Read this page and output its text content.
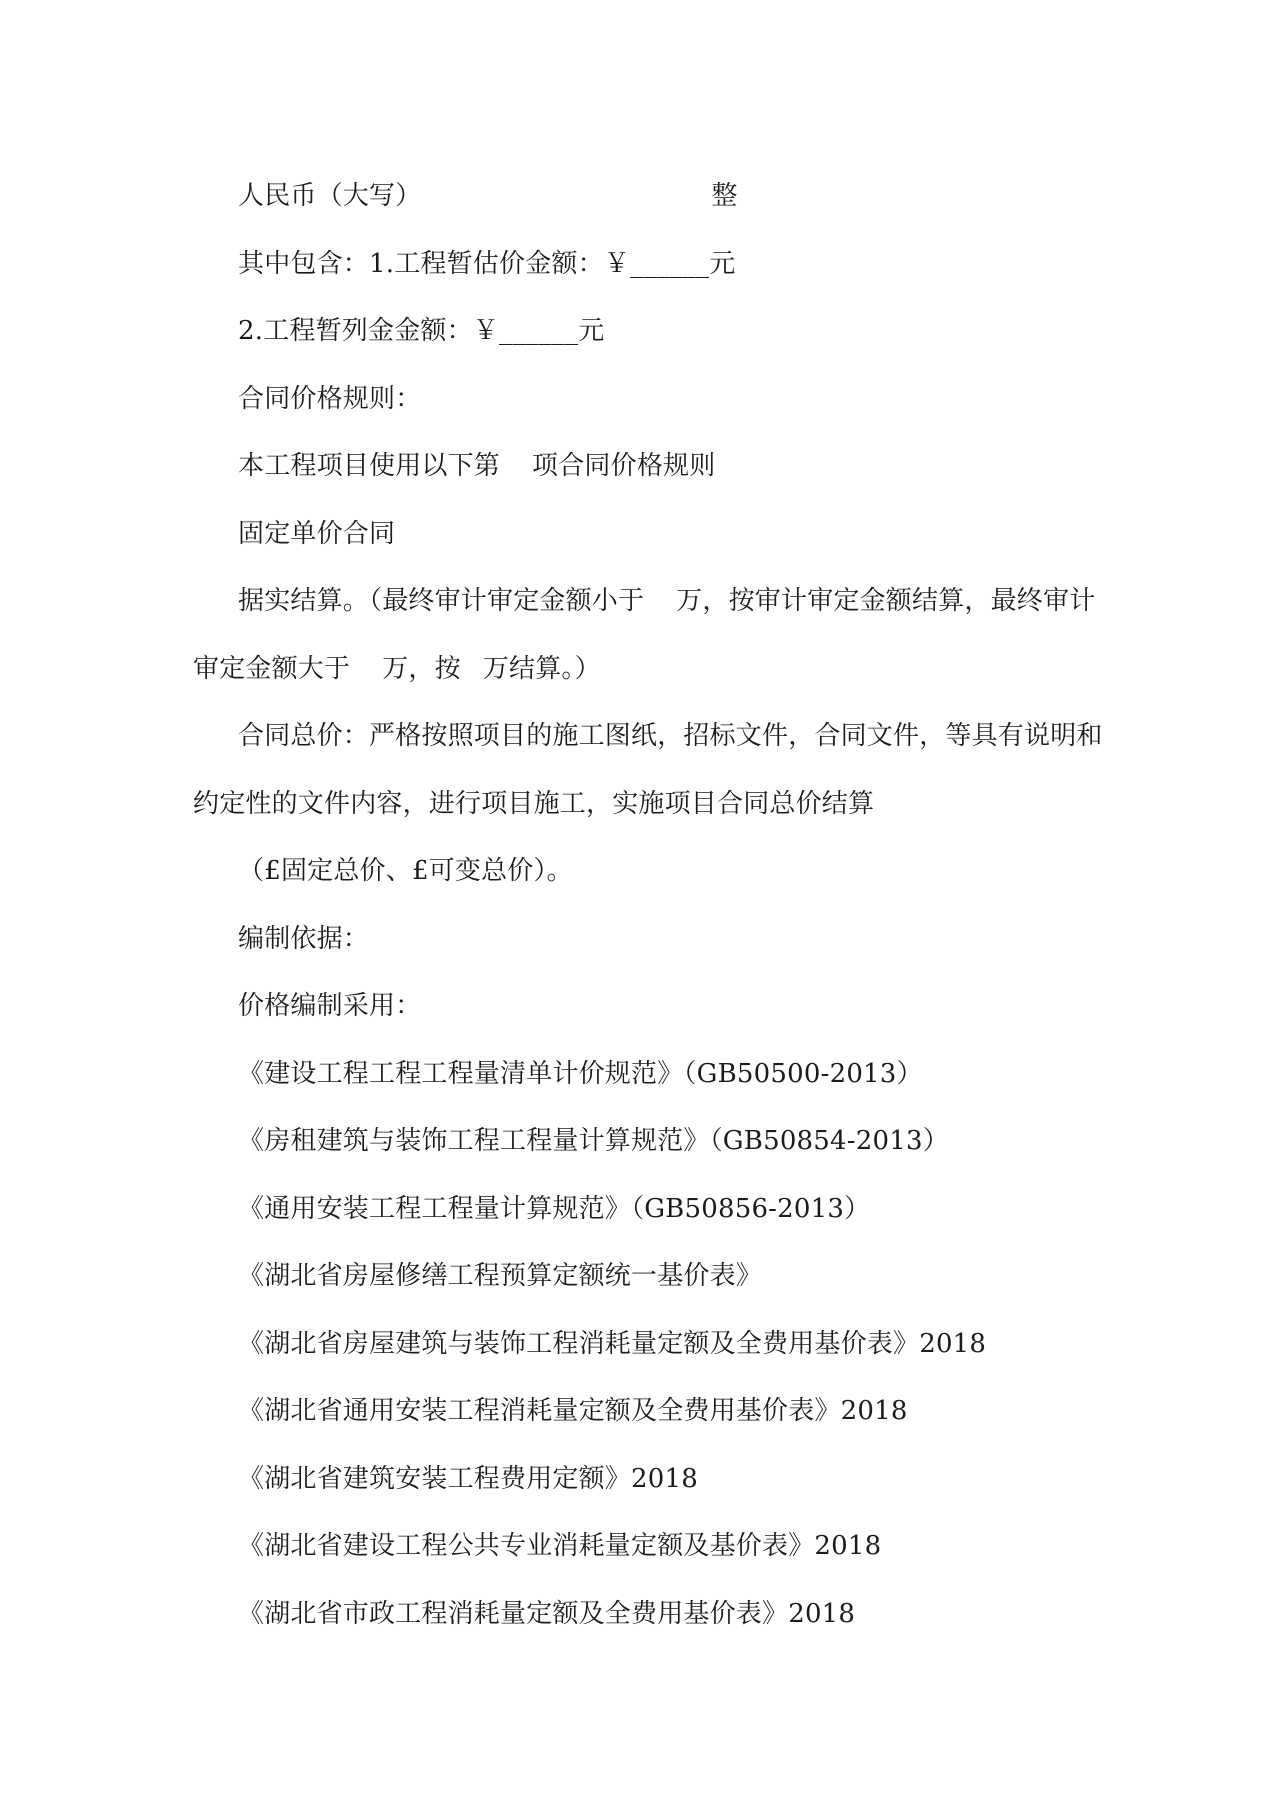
人民币（大写）	整
其中包含：1.工程暂估价金额：￥______元
2.工程暂列金金额：￥______元
合同价格规则：
本工程项目使用以下第 项合同价格规则
固定单价合同
据实结算。（最终审计审定金额小于 万，按审计审定金额结算，最终审计
审定金额大于 万，按 万结算。）
合同总价：严格按照项目的施工图纸，招标文件，合同文件，等具有说明和
约定性的文件内容，进行项目施工，实施项目合同总价结算
（£固定总价、£可变总价）。
编制依据：
价格编制采用：
《建设工程工程工程量清单计价规范》（GB50500-2013）
《房租建筑与装饰工程工程量计算规范》（GB50854-2013）
《通用安装工程工程量计算规范》（GB50856-2013）
《湖北省房屋修缮工程预算定额统一基价表》
《湖北省房屋建筑与装饰工程消耗量定额及全费用基价表》2018
《湖北省通用安装工程消耗量定额及全费用基价表》2018
《湖北省建筑安装工程费用定额》2018
《湖北省建设工程公共专业消耗量定额及基价表》2018
《湖北省市政工程消耗量定额及全费用基价表》2018
